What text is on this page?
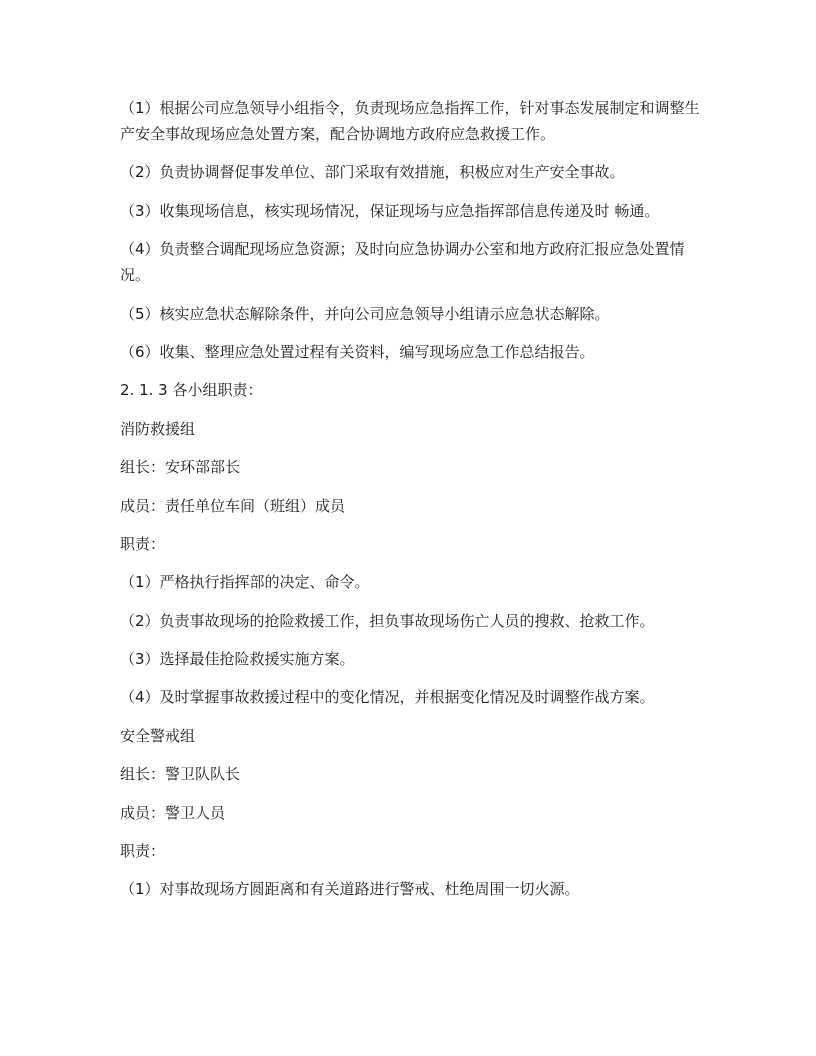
（1）根据公司应急领导小组指令，负责现场应急指挥工作，针对事态发展制定和调整生产安全事故现场应急处置方案，配合协调地方政府应急救援工作。

（2）负责协调督促事发单位、部门采取有效措施，积极应对生产安全事故。

（3）收集现场信息，核实现场情况，保证现场与应急指挥部信息传递及时 畅通。

（4）负责整合调配现场应急资源；及时向应急协调办公室和地方政府汇报应急处置情况。

（5）核实应急状态解除条件，并向公司应急领导小组请示应急状态解除。

（6）收集、整理应急处置过程有关资料，编写现场应急工作总结报告。

2. 1. 3 各小组职责：

消防救援组

组长：安环部部长

成员：责任单位车间（班组）成员

职责：

（1）严格执行指挥部的决定、命令。

（2）负责事故现场的抢险救援工作，担负事故现场伤亡人员的搜救、抢救工作。

（3）选择最佳抢险救援实施方案。

（4）及时掌握事故救援过程中的变化情况，并根据变化情况及时调整作战方案。

安全警戒组

组长：警卫队队长

成员：警卫人员

职责：

（1）对事故现场方圆距离和有关道路进行警戒、杜绝周围一切火源。
